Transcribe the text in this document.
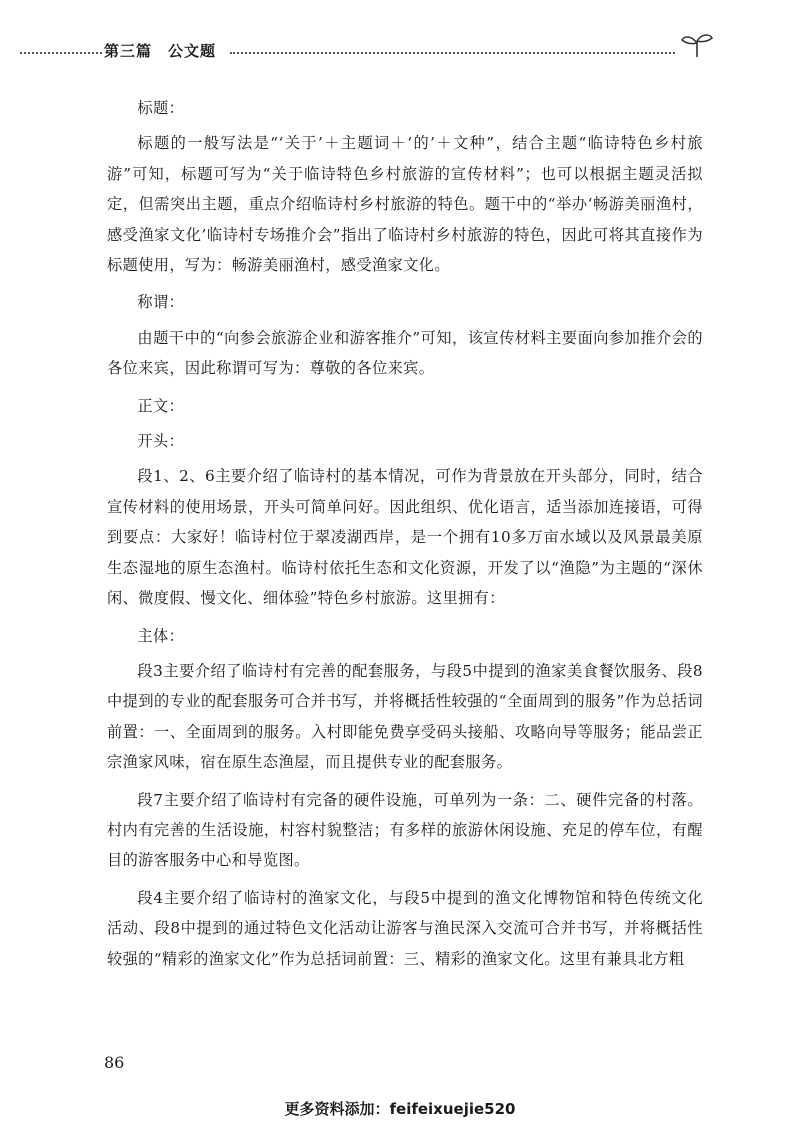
第三篇　公文题

标题：

标题的一般写法是“‘关于’＋主题词＋‘的’＋文种”，结合主题“临诗特色乡村旅游”可知，标题可写为“关于临诗特色乡村旅游的宣传材料”；也可以根据主题灵活拟定，但需突出主题，重点介绍临诗村乡村旅游的特色。题干中的“举办‘畅游美丽渔村，感受渔家文化’临诗村专场推介会”指出了临诗村乡村旅游的特色，因此可将其直接作为标题使用，写为：畅游美丽渔村，感受渔家文化。

称谓：

由题干中的“向参会旅游企业和游客推介”可知，该宣传材料主要面向参加推介会的各位来宾，因此称谓可写为：尊敬的各位来宾。

正文：

开头：

段1、2、6主要介绍了临诗村的基本情况，可作为背景放在开头部分，同时，结合宣传材料的使用场景，开头可简单问好。因此组织、优化语言，适当添加连接语，可得到要点：大家好！临诗村位于翠凌湖西岸，是一个拥有10多万亩水域以及风景最美原生态湿地的原生态渔村。临诗村依托生态和文化资源，开发了以“渔隐”为主题的“深休闲、微度假、慢文化、细体验”特色乡村旅游。这里拥有：

主体：

段3主要介绍了临诗村有完善的配套服务，与段5中提到的渔家美食餐饮服务、段8中提到的专业的配套服务可合并书写，并将概括性较强的“全面周到的服务”作为总括词前置：一、全面周到的服务。入村即能免费享受码头接船、攻略向导等服务；能品尝正宗渔家风味，宿在原生态渔屋，而且提供专业的配套服务。

段7主要介绍了临诗村有完备的硬件设施，可单列为一条：二、硬件完备的村落。村内有完善的生活设施，村容村貌整洁；有多样的旅游休闲设施、充足的停车位，有醒目的游客服务中心和导览图。

段4主要介绍了临诗村的渔家文化，与段5中提到的渔文化博物馆和特色传统文化活动、段8中提到的通过特色文化活动让游客与渔民深入交流可合并书写，并将概括性较强的“精彩的渔家文化”作为总括词前置：三、精彩的渔家文化。这里有兼具北方粗

86
更多资料添加：feifeixuejie520
